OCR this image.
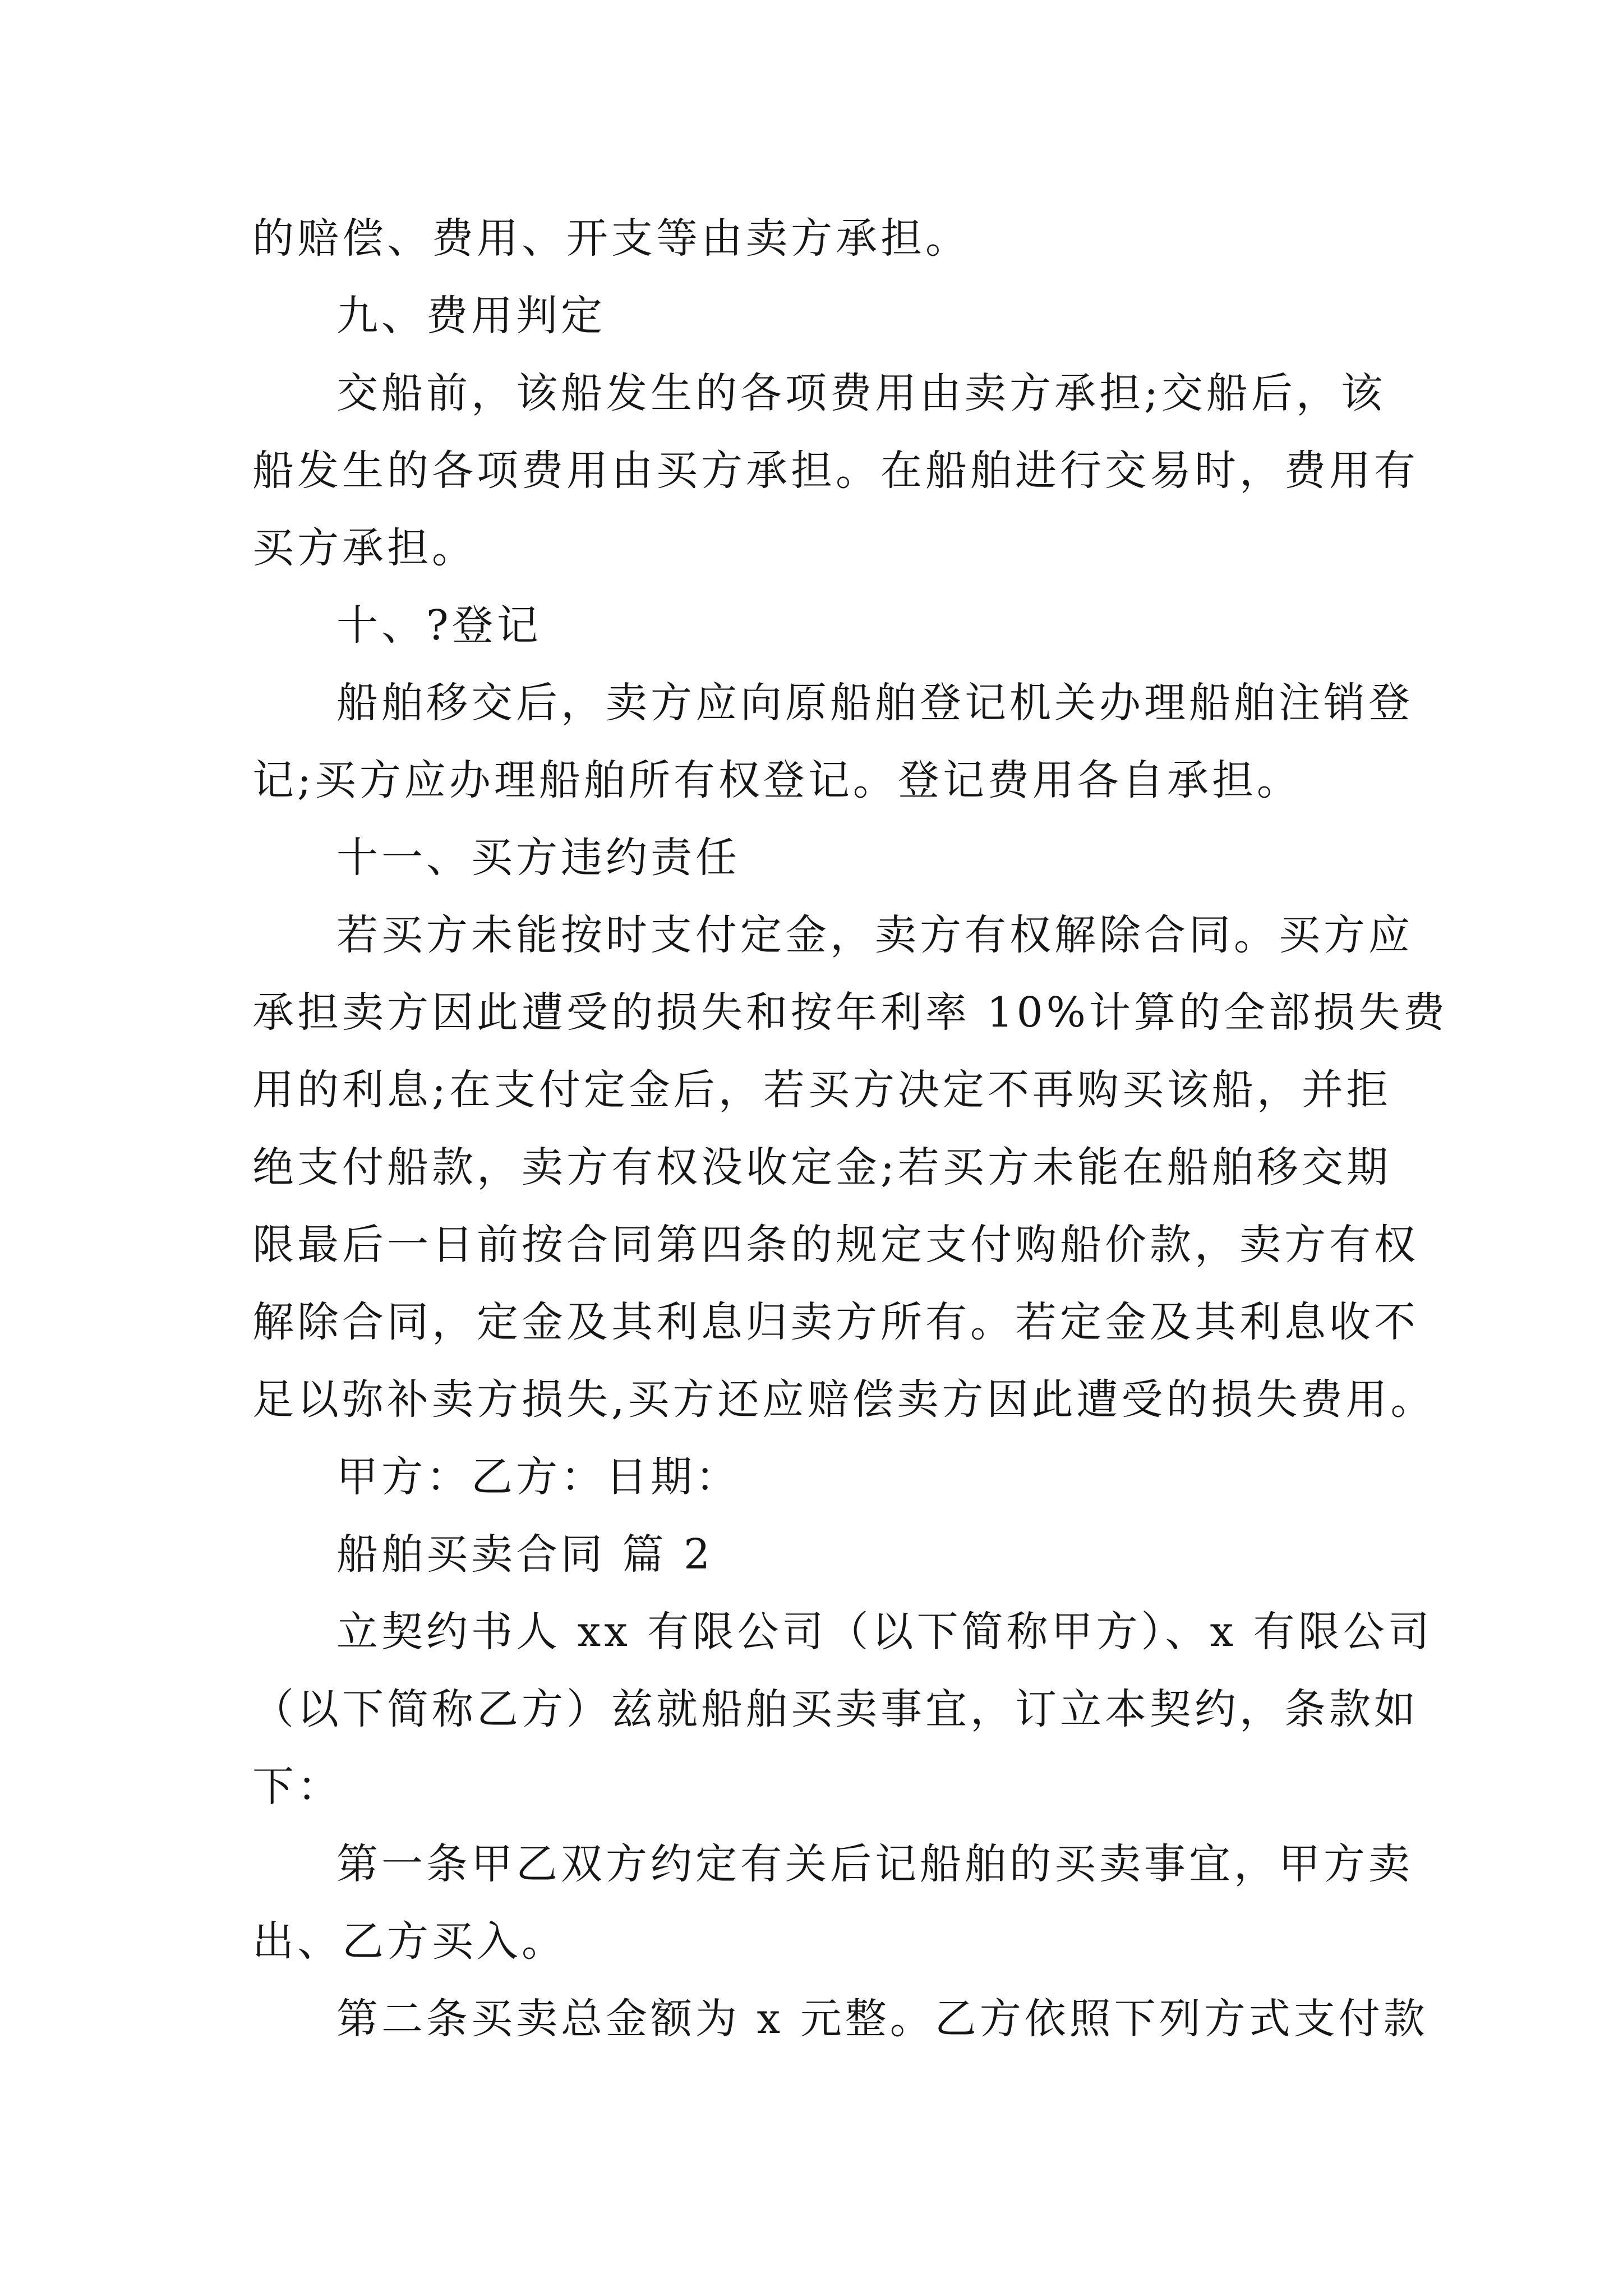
的赔偿、费用、开支等由卖方承担。
九、费用判定
交船前，该船发生的各项费用由卖方承担;交船后，该
船发生的各项费用由买方承担。在船舶进行交易时，费用有
买方承担。
十、?登记
船舶移交后，卖方应向原船舶登记机关办理船舶注销登
记;买方应办理船舶所有权登记。登记费用各自承担。
十一、买方违约责任
若买方未能按时支付定金，卖方有权解除合同。买方应
承担卖方因此遭受的损失和按年利率 10%计算的全部损失费
用的利息;在支付定金后，若买方决定不再购买该船，并拒
绝支付船款，卖方有权没收定金;若买方未能在船舶移交期
限最后一日前按合同第四条的规定支付购船价款，卖方有权
解除合同，定金及其利息归卖方所有。若定金及其利息收不
足以弥补卖方损失,买方还应赔偿卖方因此遭受的损失费用。
甲方：乙方：日期：
船舶买卖合同 篇 2
立契约书人 xx 有限公司（以下简称甲方）、x 有限公司
（以下简称乙方）兹就船舶买卖事宜，订立本契约，条款如
下：
第一条甲乙双方约定有关后记船舶的买卖事宜，甲方卖
出、乙方买入。
第二条买卖总金额为 x 元整。乙方依照下列方式支付款
